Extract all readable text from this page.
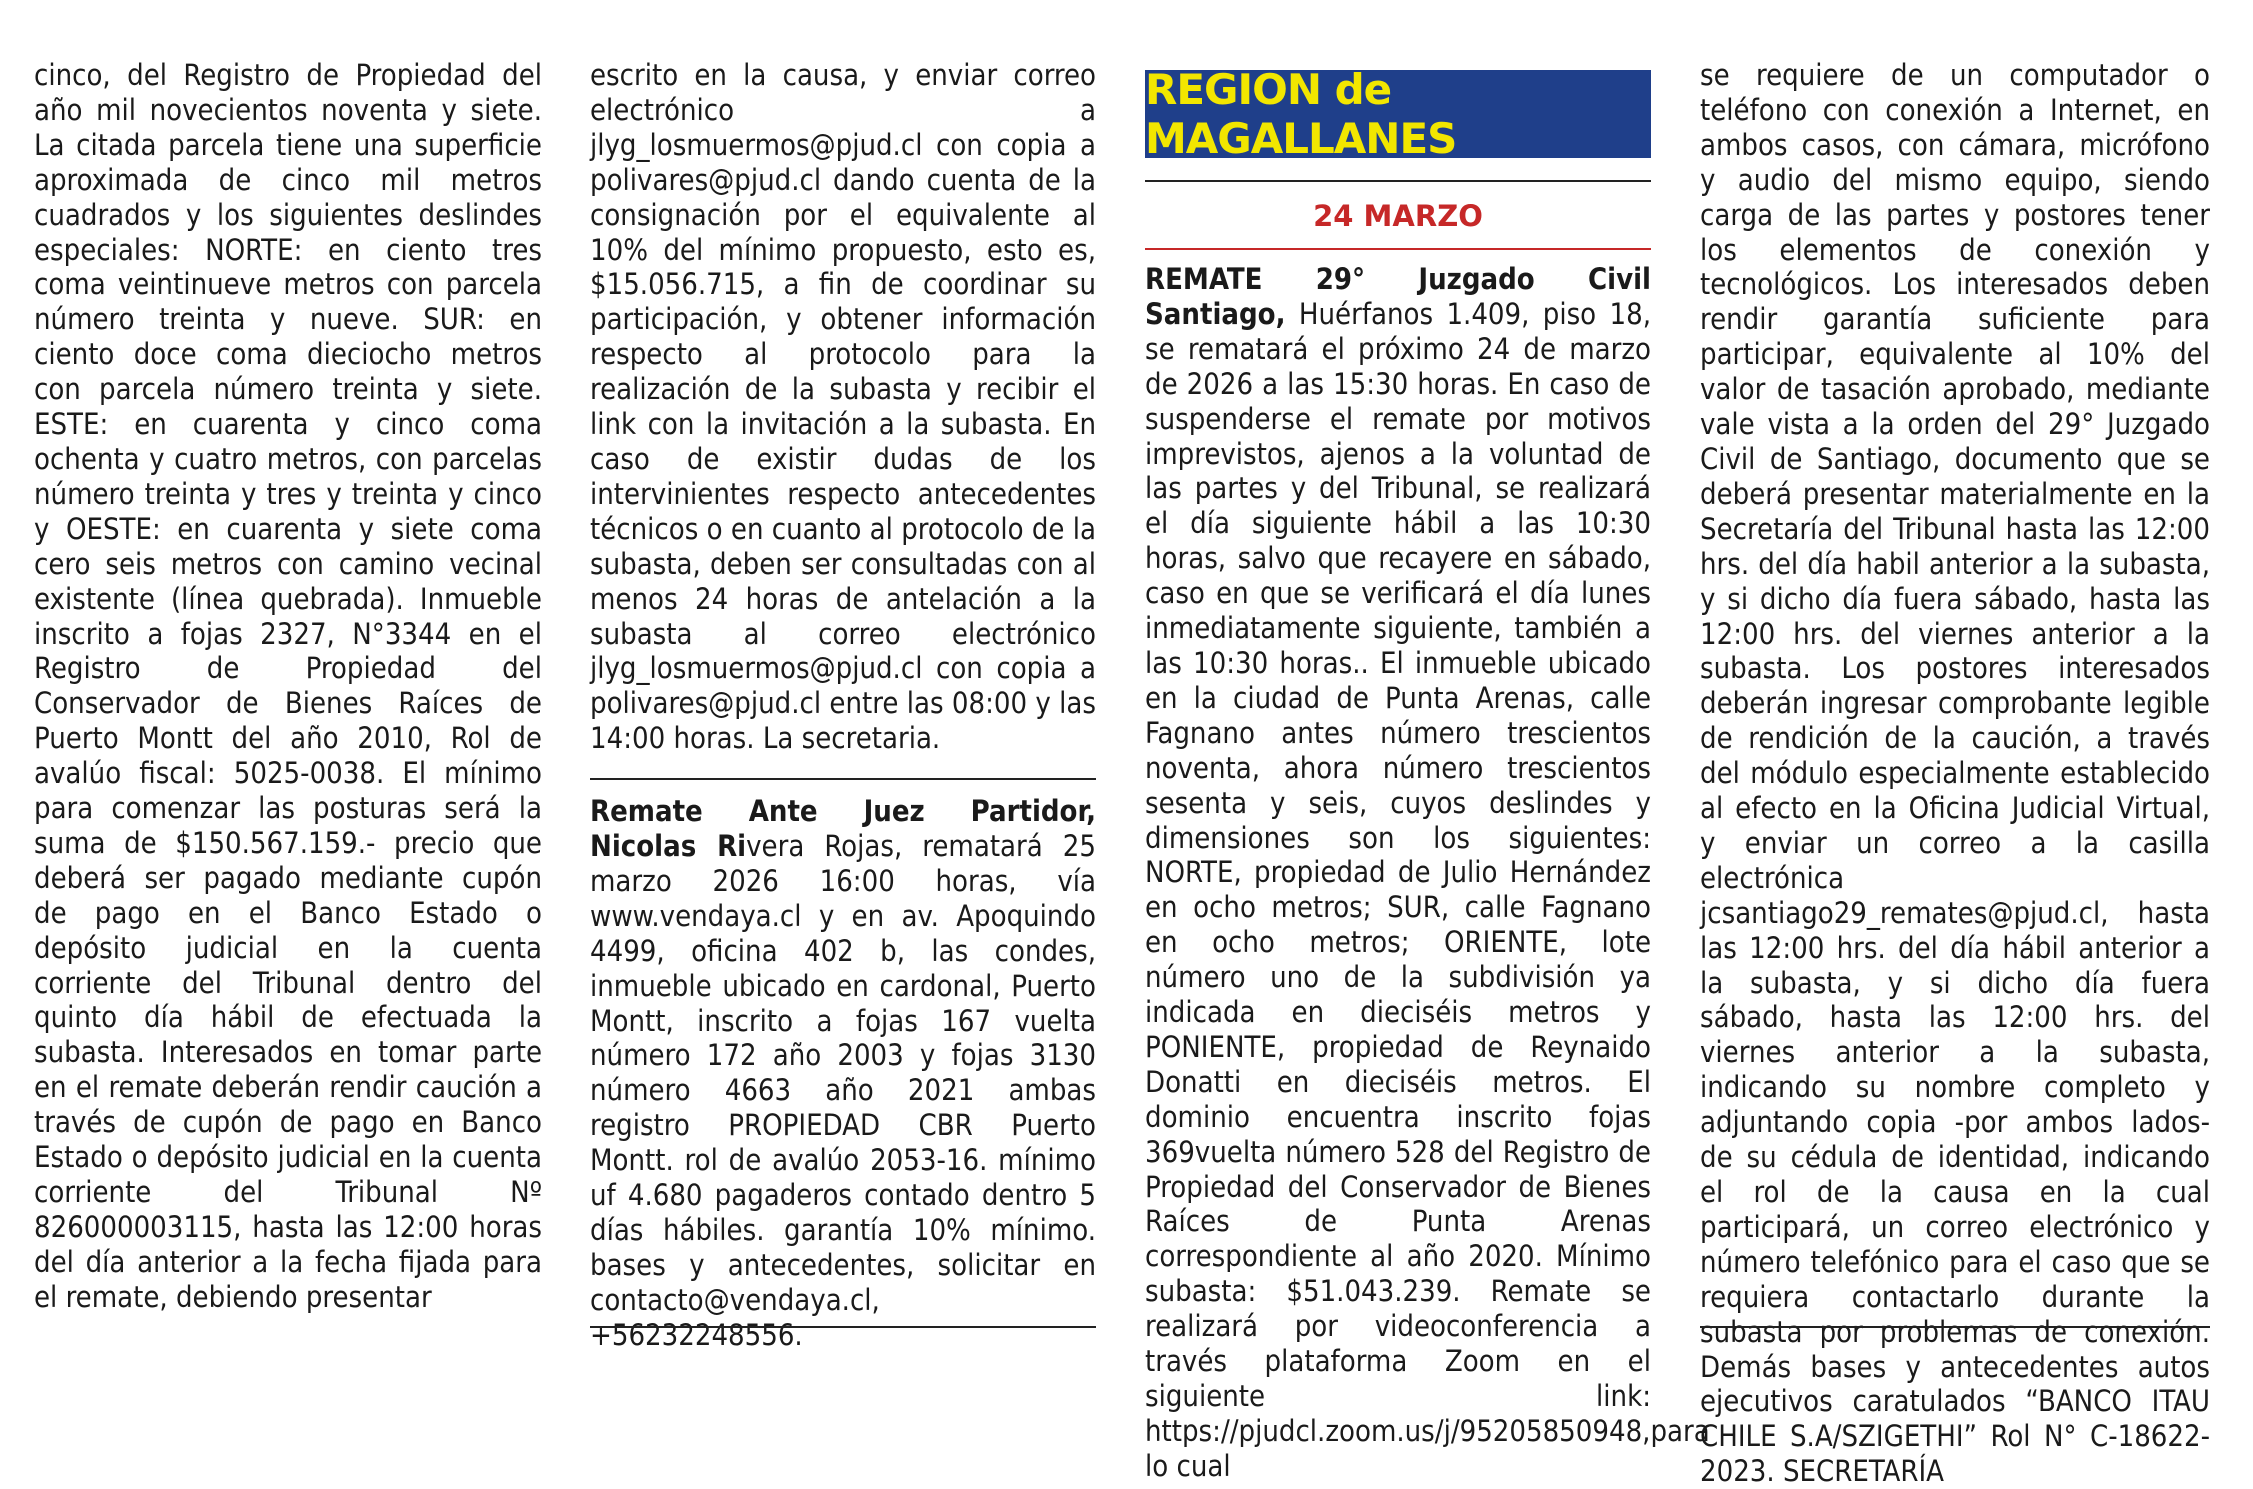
cinco, del Registro de Propiedad del año mil novecientos noventa y siete. La citada parcela tiene una superficie aproximada de cinco mil metros cuadrados y los siguientes deslindes especiales: NORTE: en ciento tres coma veintinueve metros con parcela número treinta y nueve. SUR: en ciento doce coma dieciocho metros con parcela número treinta y siete. ESTE: en cuarenta y cinco coma ochenta y cuatro metros, con parcelas número treinta y tres y treinta y cinco y OESTE: en cuarenta y siete coma cero seis metros con camino vecinal existente (línea quebrada). Inmueble inscrito a fojas 2327, N°3344 en el Registro de Propiedad del Conservador de Bienes Raíces de Puerto Montt del año 2010, Rol de avalúo fiscal: 5025-0038. El mínimo para comenzar las posturas será la suma de $150.567.159.- precio que deberá ser pagado mediante cupón de pago en el Banco Estado o depósito judicial en la cuenta corriente del Tribunal dentro del quinto día hábil de efectuada la subasta. Interesados en tomar parte en el remate deberán rendir caución a través de cupón de pago en Banco Estado o depósito judicial en la cuenta corriente del Tribunal Nº 826000003115, hasta las 12:00 horas del día anterior a la fecha fijada para el remate, debiendo presentar

escrito en la causa, y enviar correo electrónico a jlyg_losmuermos@pjud.cl con copia a polivares@pjud.cl dando cuenta de la consignación por el equivalente al 10% del mínimo propuesto, esto es, $15.056.715, a fin de coordinar su participación, y obtener información respecto al protocolo para la realización de la subasta y recibir el link con la invitación a la subasta. En caso de existir dudas de los intervinientes respecto antecedentes técnicos o en cuanto al protocolo de la subasta, deben ser consultadas con al menos 24 horas de antelación a la subasta al correo electrónico jlyg_losmuermos@pjud.cl con copia a polivares@pjud.cl entre las 08:00 y las 14:00 horas. La secretaria.

Remate Ante Juez Partidor, Nicolas Rivera Rojas, rematará 25 marzo 2026 16:00 horas, vía www.vendaya.cl y en av. Apoquindo 4499, oficina 402 b, las condes, inmueble ubicado en cardonal, Puerto Montt, inscrito a fojas 167 vuelta número 172 año 2003 y fojas 3130 número 4663 año 2021 ambas registro PROPIEDAD CBR Puerto Montt. rol de avalúo 2053-16. mínimo uf 4.680 pagaderos contado dentro 5 días hábiles. garantía 10% mínimo. bases y antecedentes, solicitar en contacto@vendaya.cl, +56232248556.

REGION de MAGALLANES
24 MARZO

REMATE 29° Juzgado Civil Santiago, Huérfanos 1.409, piso 18, se rematará el próximo 24 de marzo de 2026 a las 15:30 horas. En caso de suspenderse el remate por motivos imprevistos, ajenos a la voluntad de las partes y del Tribunal, se realizará el día siguiente hábil a las 10:30 horas, salvo que recayere en sábado, caso en que se verificará el día lunes inmediatamente siguiente, también a las 10:30 horas.. El inmueble ubicado en la ciudad de Punta Arenas, calle Fagnano antes número trescientos noventa, ahora número trescientos sesenta y seis, cuyos deslindes y dimensiones son los siguientes: NORTE, propiedad de Julio Hernández en ocho metros; SUR, calle Fagnano en ocho metros; ORIENTE, lote número uno de la subdivisión ya indicada en dieciséis metros y PONIENTE, propiedad de Reynaido Donatti en dieciséis metros. El dominio encuentra inscrito fojas 369vuelta número 528 del Registro de Propiedad del Conservador de Bienes Raíces de Punta Arenas correspondiente al año 2020. Mínimo subasta: $51.043.239. Remate se realizará por videoconferencia a través plataforma Zoom en el siguiente link: https://pjudcl.zoom.us/j/95205850948,para lo cual

se requiere de un computador o teléfono con conexión a Internet, en ambos casos, con cámara, micrófono y audio del mismo equipo, siendo carga de las partes y postores tener los elementos de conexión y tecnológicos. Los interesados deben rendir garantía suficiente para participar, equivalente al 10% del valor de tasación aprobado, mediante vale vista a la orden del 29° Juzgado Civil de Santiago, documento que se deberá presentar materialmente en la Secretaría del Tribunal hasta las 12:00 hrs. del día habil anterior a la subasta, y si dicho día fuera sábado, hasta las 12:00 hrs. del viernes anterior a la subasta. Los postores interesados deberán ingresar comprobante legible de rendición de la caución, a través del módulo especialmente establecido al efecto en la Oficina Judicial Virtual, y enviar un correo a la casilla electrónica jcsantiago29_remates@pjud.cl, hasta las 12:00 hrs. del día hábil anterior a la subasta, y si dicho día fuera sábado, hasta las 12:00 hrs. del viernes anterior a la subasta, indicando su nombre completo y adjuntando copia -por ambos lados- de su cédula de identidad, indicando el rol de la causa en la cual participará, un correo electrónico y número telefónico para el caso que se requiera contactarlo durante la subasta por problemas de conexión. Demás bases y antecedentes autos ejecutivos caratulados “BANCO ITAU CHILE S.A/SZIGETHI” Rol N° C-18622-2023. SECRETARÍA
